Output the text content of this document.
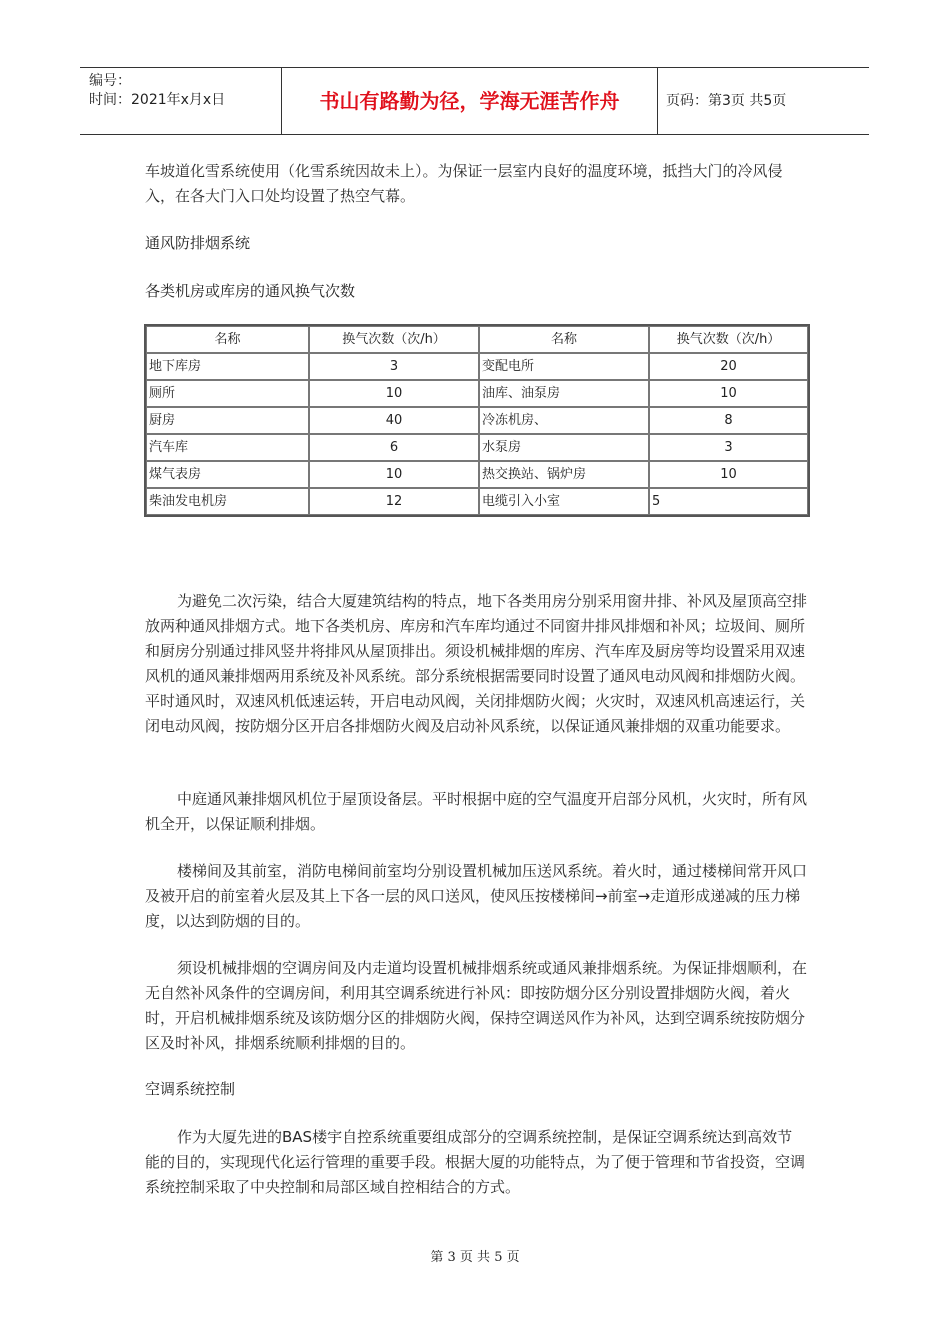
编号：
时间：2021年x月x日	书山有路勤为径，学海无涯苦作舟	页码：第3页 共5页

车坡道化雪系统使用（化雪系统因故未上）。为保证一层室内良好的温度环境，抵挡大门的冷风侵入，在各大门入口处均设置了热空气幕。

通风防排烟系统
各类机房或库房的通风换气次数
名称	换气次数（次/h）	名称	换气次数（次/h）
地下库房	3	变配电所	20
厕所	10	油库、油泵房	10
厨房	40	冷冻机房、	8
汽车库	6	水泵房	3
煤气表房	10	热交换站、锅炉房	10
柴油发电机房	12	电缆引入小室	5

为避免二次污染，结合大厦建筑结构的特点，地下各类用房分别采用窗井排、补风及屋顶高空排放两种通风排烟方式。地下各类机房、库房和汽车库均通过不同窗井排风排烟和补风；垃圾间、厕所和厨房分别通过排风竖井将排风从屋顶排出。须设机械排烟的库房、汽车库及厨房等均设置采用双速风机的通风兼排烟两用系统及补风系统。部分系统根据需要同时设置了通风电动风阀和排烟防火阀。平时通风时，双速风机低速运转，开启电动风阀，关闭排烟防火阀；火灾时，双速风机高速运行，关闭电动风阀，按防烟分区开启各排烟防火阀及启动补风系统，以保证通风兼排烟的双重功能要求。

中庭通风兼排烟风机位于屋顶设备层。平时根据中庭的空气温度开启部分风机，火灾时，所有风机全开，以保证顺利排烟。

楼梯间及其前室，消防电梯间前室均分别设置机械加压送风系统。着火时，通过楼梯间常开风口及被开启的前室着火层及其上下各一层的风口送风，使风压按楼梯间→前室→走道形成递减的压力梯度，以达到防烟的目的。

须设机械排烟的空调房间及内走道均设置机械排烟系统或通风兼排烟系统。为保证排烟顺利，在无自然补风条件的空调房间，利用其空调系统进行补风：即按防烟分区分别设置排烟防火阀，着火时，开启机械排烟系统及该防烟分区的排烟防火阀，保持空调送风作为补风，达到空调系统按防烟分区及时补风，排烟系统顺利排烟的目的。

空调系统控制

作为大厦先进的BAS楼宇自控系统重要组成部分的空调系统控制，是保证空调系统达到高效节能的目的，实现现代化运行管理的重要手段。根据大厦的功能特点，为了便于管理和节省投资，空调系统控制采取了中央控制和局部区域自控相结合的方式。

第 3 页 共 5 页
